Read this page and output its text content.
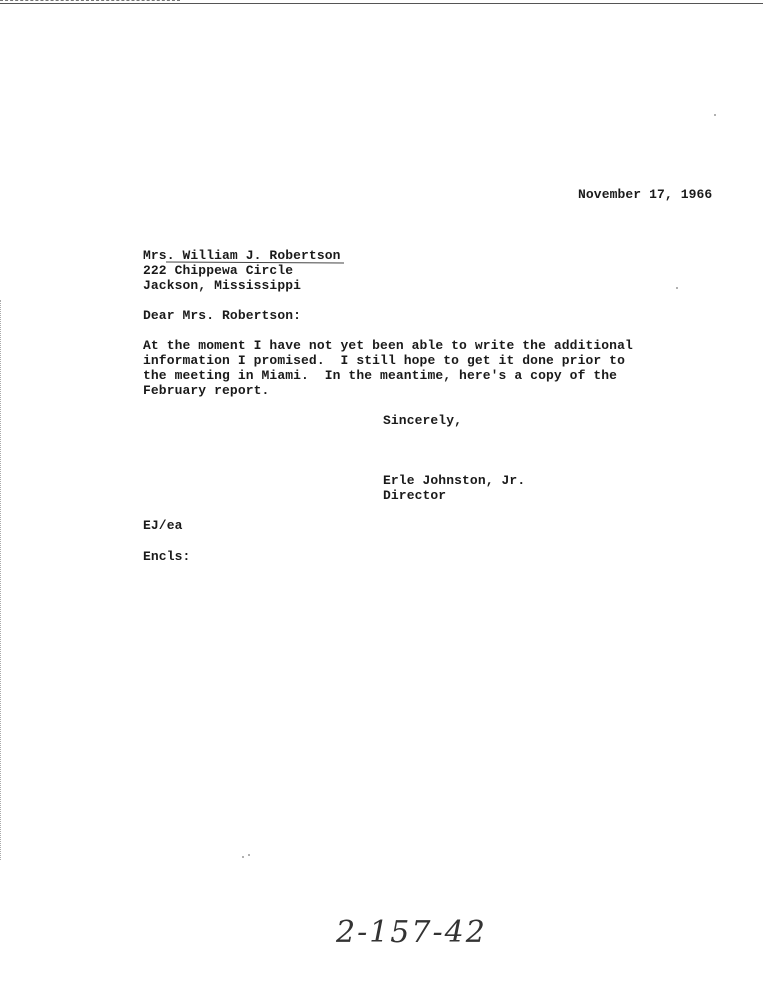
November 17, 1966
Mrs. William J. Robertson
222 Chippewa Circle
Jackson, Mississippi
Dear Mrs. Robertson:
At the moment I have not yet been able to write the additional
information I promised.  I still hope to get it done prior to
the meeting in Miami.  In the meantime, here's a copy of the
February report.
Sincerely,
Erle Johnston, Jr.
Director
EJ/ea
Encls:
2-157-42
